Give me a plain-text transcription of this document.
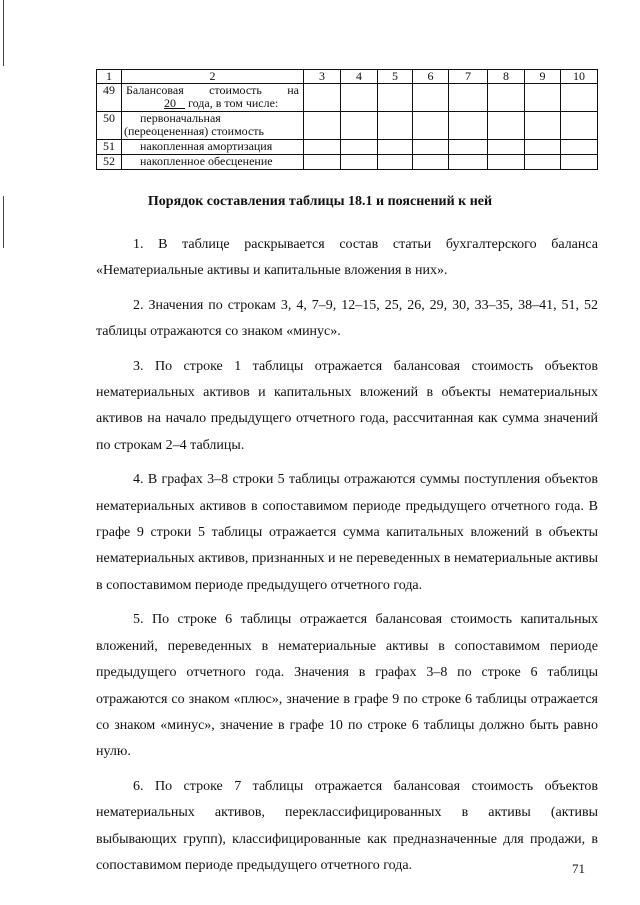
1	2	3	4	5	6	7	8	9	10
49	Балансовая стоимость на
20 года, в том числе:								

50	первоначальная
(переоцененная) стоимость								

51	накопленная амортизация								
52	накопленное обесценение								
Порядок составления таблицы 18.1 и пояснений к ней

1. В таблице раскрывается состав статьи бухгалтерского баланса «Нематериальные активы и капитальные вложения в них».

2. Значения по строкам 3, 4, 7–9, 12–15, 25, 26, 29, 30, 33–35, 38–41, 51, 52 таблицы отражаются со знаком «минус».

3. По строке 1 таблицы отражается балансовая стоимость объектов нематериальных активов и капитальных вложений в объекты нематериальных активов на начало предыдущего отчетного года, рассчитанная как сумма значений по строкам 2–4 таблицы.

4. В графах 3–8 строки 5 таблицы отражаются суммы поступления объектов нематериальных активов в сопоставимом периоде предыдущего отчетного года. В графе 9 строки 5 таблицы отражается сумма капитальных вложений в объекты нематериальных активов, признанных и не переведенных в нематериальные активы в сопоставимом периоде предыдущего отчетного года.

5. По строке 6 таблицы отражается балансовая стоимость капитальных вложений, переведенных в нематериальные активы в сопоставимом периоде предыдущего отчетного года. Значения в графах 3–8 по строке 6 таблицы отражаются со знаком «плюс», значение в графе 9 по строке 6 таблицы отражается со знаком «минус», значение в графе 10 по строке 6 таблицы должно быть равно нулю.

6. По строке 7 таблицы отражается балансовая стоимость объектов нематериальных активов, переклассифицированных в активы (активы выбывающих групп), классифицированные как предназначенные для продажи, в сопоставимом периоде предыдущего отчетного года.	71
